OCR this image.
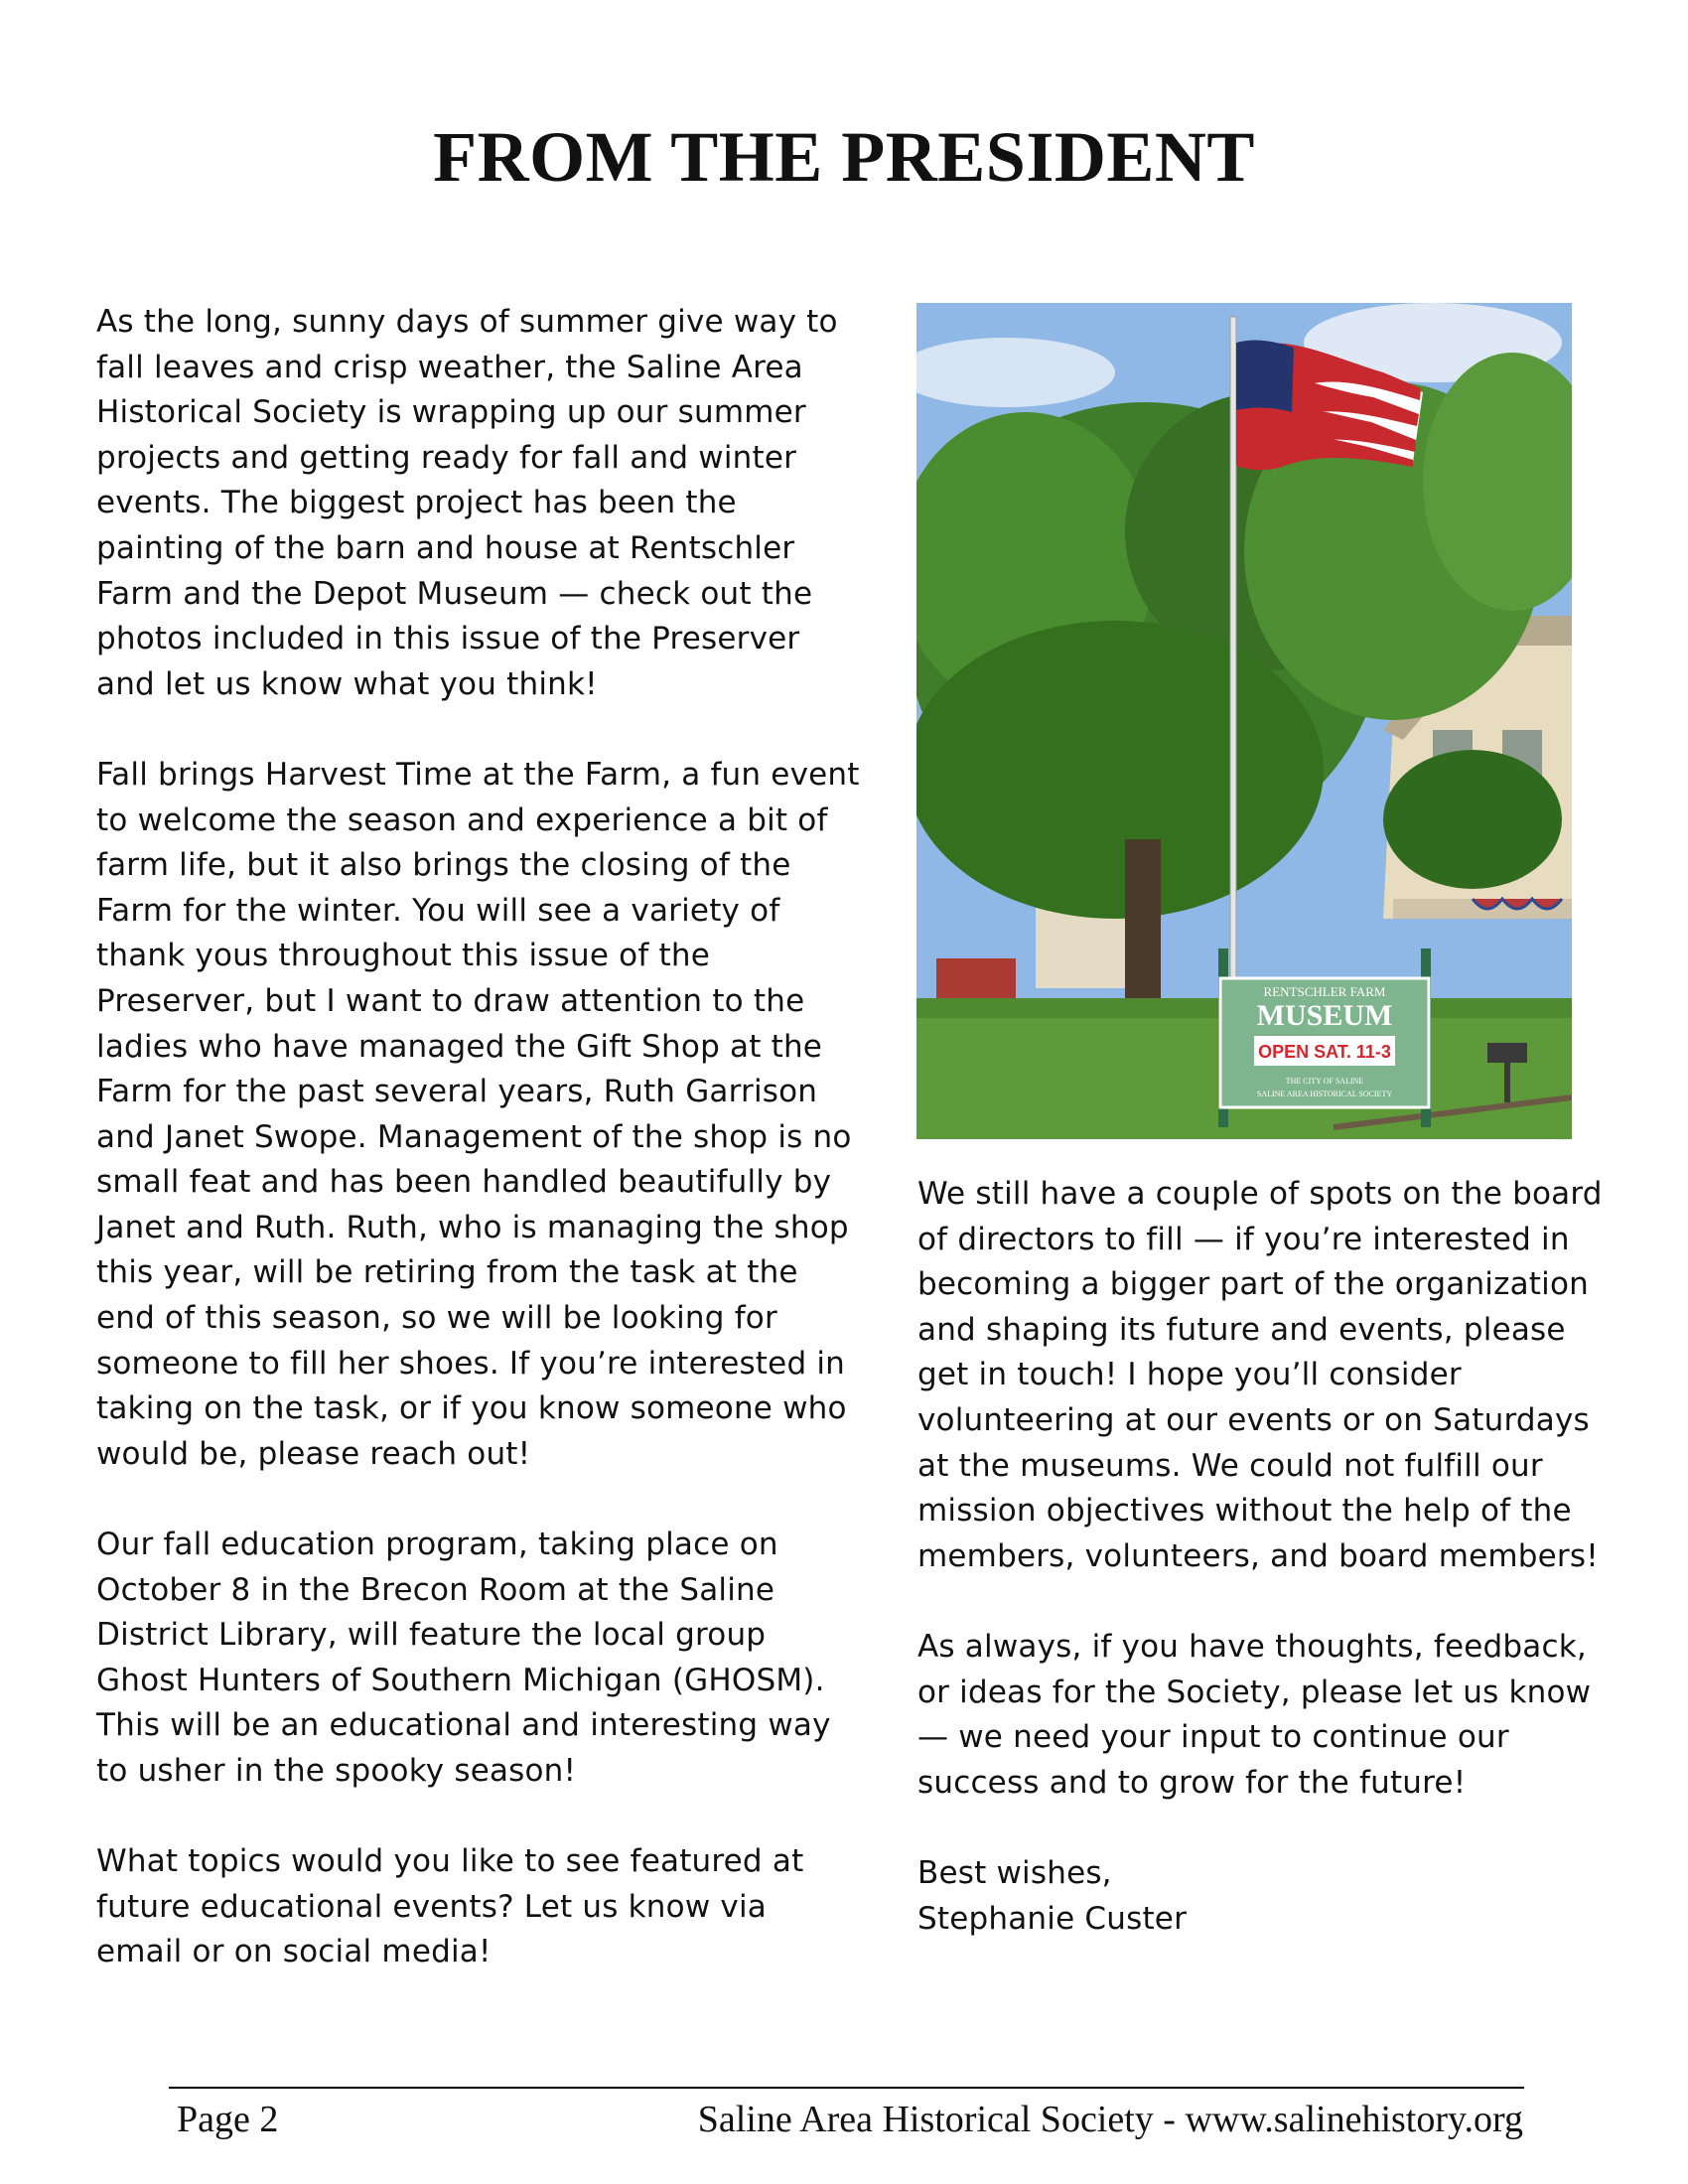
FROM THE PRESIDENT

As the long, sunny days of summer give way to fall leaves and crisp weather, the Saline Area Historical Society is wrapping up our summer projects and getting ready for fall and winter events. The biggest project has been the painting of the barn and house at Rentschler Farm and the Depot Museum — check out the photos included in this issue of the Preserver and let us know what you think!

Fall brings Harvest Time at the Farm, a fun event to welcome the season and experience a bit of farm life, but it also brings the closing of the Farm for the winter. You will see a variety of thank yous throughout this issue of the Preserver, but I want to draw attention to the ladies who have managed the Gift Shop at the Farm for the past several years, Ruth Garrison and Janet Swope. Management of the shop is no small feat and has been handled beautifully by Janet and Ruth. Ruth, who is managing the shop this year, will be retiring from the task at the end of this season, so we will be looking for someone to fill her shoes. If you’re interested in taking on the task, or if you know someone who would be, please reach out!

Our fall education program, taking place on October 8 in the Brecon Room at the Saline District Library, will feature the local group Ghost Hunters of Southern Michigan (GHOSM). This will be an educational and interesting way to usher in the spooky season!

What topics would you like to see featured at future educational events? Let us know via email or on social media!

RENTSCHLER FARM
MUSEUM
OPEN SAT. 11-3
THE CITY OF SALINE
SALINE AREA HISTORICAL SOCIETY

We still have a couple of spots on the board of directors to fill — if you’re interested in becoming a bigger part of the organization and shaping its future and events, please get in touch! I hope you’ll consider volunteering at our events or on Saturdays at the museums. We could not fulfill our mission objectives without the help of the members, volunteers, and board members!

As always, if you have thoughts, feedback, or ideas for the Society, please let us know — we need your input to continue our success and to grow for the future!

Best wishes,
Stephanie Custer

Page 2	Saline Area Historical Society - www.salinehistory.org
